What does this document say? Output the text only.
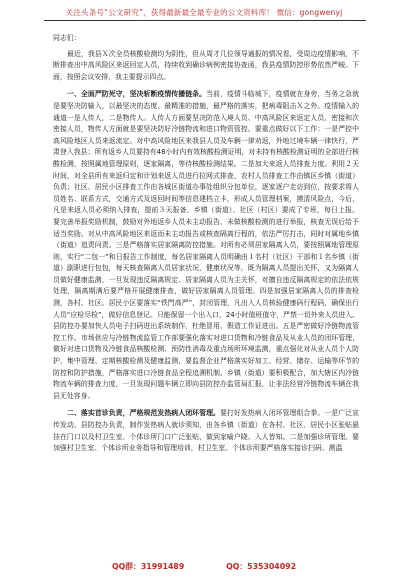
关注头条号“公文研究”，获得最新最全最专业的公文资料库！ 微信：gongwenyj

同志们：

最近，我县Ｘ次全员核酸检测均为阴性，但从周才几位领导通报的情况看，受周边疫情影响，不断排查出中高风险区来返回定人员，持续收到确诊病例密接协查函，我县疫情防控形势依然严峻。下面，按照会议安排，我主要提示四点。

一、全面严防死守，坚决斩断疫情传播链条。当前，疫情斗临城下，疫情就在身旁，当务之急就是要坚决防输入，以最坚决的态度、最精准的措施，最严格的落实，把病毒阻击Ｘ之外。疫情输入的通道一是人传人，二是物传人。人传人方面要坚决防范入境人员、中高风险区来返定人员、密接和次密接人员，物传人方面就是要坚决防好冷链物流和进口物资管控。要重点做好以下工作：一是严控中高风险地区人员来返流定。对中高风险地区来我县人员及车辆一律劝返，外地过境车辆一律快行，严肃登入我县；所有返乡人员要持有48小时内有效核酸检测证明，对未持有核酸检测证明的全部进行核酸检测，按照属地管理原则，逐家隔离，等待核酸检测结果。二是加大来返人员排查力度。利用２天时间，对全县所有来返归定和计划来返人员进行拉网式排查，农村人员排查工作由镇区乡镇（街道）负责；社区、居民小区排查工作由各城区街道办事处组织分包单位，逐家逐户走访到位，按要求将人员姓名、联系方式，交通方式及返回时间等信息建档立卡，形成人员管理档案，摸清风险点，今后，凡是来返人员必须纳入排查，提前３天报备，乡镇（街道）、社区（村区）要成了专班，每日上报。要完善举报奖励机制，鼓励对外地返乡人员未主动报告、未做核酸检测的进行举报，核查无误后给予适当奖励。对从中高风险地区来返而未主动报告或核查隔离行程的，依法严厉打击，同时对属地乡镇（街道）追责问责。三是严格落实居家隔离防控措施。对所有必须居家隔离人员，要按照属地管理原则，实行“二包一”和日报告工作制度，每名居家隔离人员明确由１名村（社区）干部和１名乡镇（街道）副职进行包包，每天核查隔离人员居家状况，健康状况等，既为隔离人员提出关怀，又为隔离人员做好健康监测，一旦发现违反隔离规定、居家隔离人员为主关怀，对擅自违反隔离规定的依法依规处理，隔离期满后要严格开展健康排查，做好居家隔离人员管理。四是加强居家隔离人员的排查检测，各村、社区、居民小区要落实“铁門高严”，封闭管理，凡出入人员核验健康码行程码，确保出行人员“应检尽检”，做好信息登记。只能保留一个出入口，24小时值班值守，严禁一切外来人员进入。县防控办要加快人员电子扫码进出系统制作，杜绝冒用、假造工作证进出。五是严密做好冷链物流管控工作。市场供应与冷链物流监管工作部要强化落实对进口货物和冷链食品及从业人员的闭环管理，做好对进口货物及冷链食品核酸检测、预防性消毒及重点场所环境监测，重点强化对从业人员个人防护、集中管理、定期核酸检测及健康监测，要监督企业严格落实好加工、经营、储存、运输等环节的防控和防护措施，严格落实进口冷链食品全程追溯机制。乡镇（街道）要积极配合，加大辖区内冷链物流车辆的排查力度，一旦发现问题车辆立即向县防控办监管局汇报，让非法经营冷链物流车辆在我县无处容身。

二、落实首诊负责，严格规范发热病人闭环管理。要打好发热病人闭环管理组合拳。一是广泛宣传发动。县防控办负责，制作发热病人就诊须知，由各乡镇（街道）在各村、社区、居民小区张贴悬挂在门口以及村卫生室、个体诊所门口广泛张贴，做到家喻户晓、入人皆知。二是加强诊所管理。要加强村卫生室、个体诊所业务指导和管理培训，村卫生室、个体诊所要严格落实接诊扫码、测温

QQ群：31991489	QQ：535304092
